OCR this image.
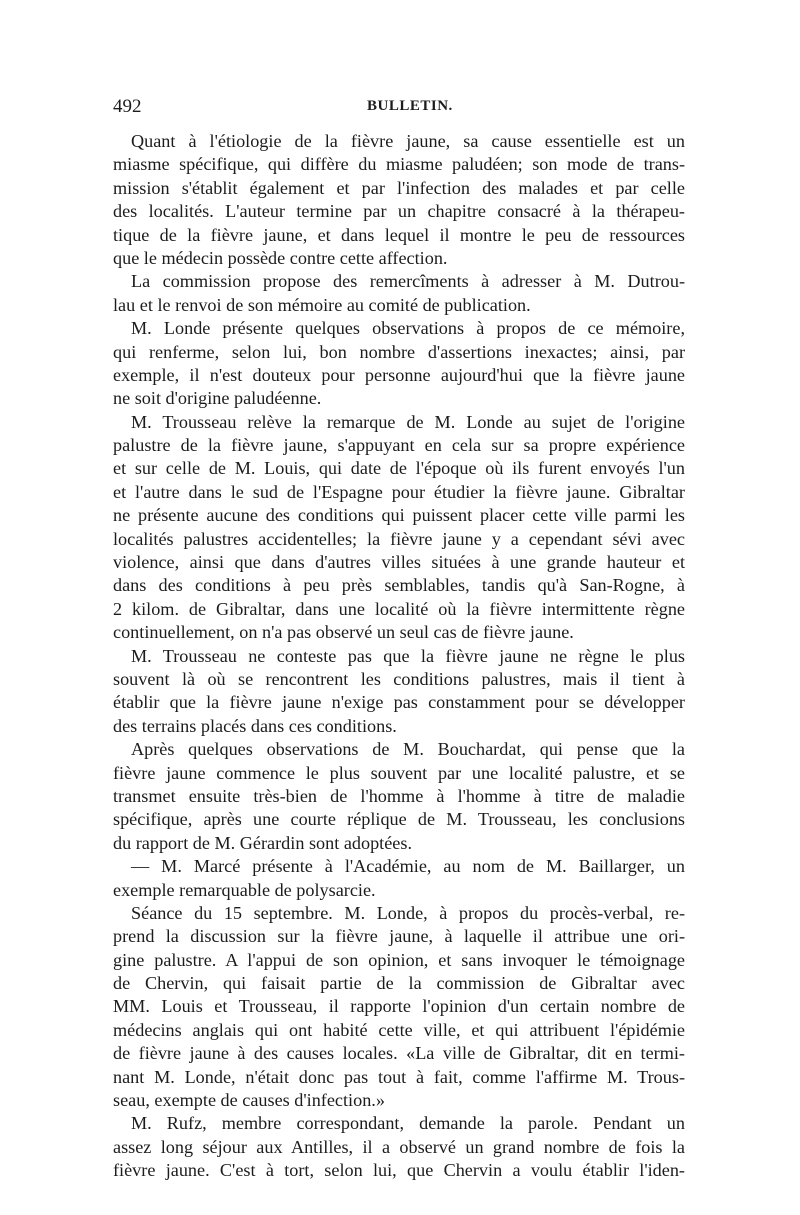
492	BULLETIN.
Quant à l'étiologie de la fièvre jaune, sa cause essentielle est un
miasme spécifique, qui diffère du miasme paludéen; son mode de trans-
mission s'établit également et par l'infection des malades et par celle
des localités. L'auteur termine par un chapitre consacré à la thérapeu-
tique de la fièvre jaune, et dans lequel il montre le peu de ressources
que le médecin possède contre cette affection.
La commission propose des remercîments à adresser à M. Dutrou-
lau et le renvoi de son mémoire au comité de publication.
M. Londe présente quelques observations à propos de ce mémoire,
qui renferme, selon lui, bon nombre d'assertions inexactes; ainsi, par
exemple, il n'est douteux pour personne aujourd'hui que la fièvre jaune
ne soit d'origine paludéenne.
M. Trousseau relève la remarque de M. Londe au sujet de l'origine
palustre de la fièvre jaune, s'appuyant en cela sur sa propre expérience
et sur celle de M. Louis, qui date de l'époque où ils furent envoyés l'un
et l'autre dans le sud de l'Espagne pour étudier la fièvre jaune. Gibraltar
ne présente aucune des conditions qui puissent placer cette ville parmi les
localités palustres accidentelles; la fièvre jaune y a cependant sévi avec
violence, ainsi que dans d'autres villes situées à une grande hauteur et
dans des conditions à peu près semblables, tandis qu'à San-Rogne, à
2 kilom. de Gibraltar, dans une localité où la fièvre intermittente règne
continuellement, on n'a pas observé un seul cas de fièvre jaune.
M. Trousseau ne conteste pas que la fièvre jaune ne règne le plus
souvent là où se rencontrent les conditions palustres, mais il tient à
établir que la fièvre jaune n'exige pas constamment pour se développer
des terrains placés dans ces conditions.
Après quelques observations de M. Bouchardat, qui pense que la
fièvre jaune commence le plus souvent par une localité palustre, et se
transmet ensuite très-bien de l'homme à l'homme à titre de maladie
spécifique, après une courte réplique de M. Trousseau, les conclusions
du rapport de M. Gérardin sont adoptées.
— M. Marcé présente à l'Académie, au nom de M. Baillarger, un
exemple remarquable de polysarcie.
Séance du 15 septembre. M. Londe, à propos du procès-verbal, re-
prend la discussion sur la fièvre jaune, à laquelle il attribue une ori-
gine palustre. A l'appui de son opinion, et sans invoquer le témoignage
de Chervin, qui faisait partie de la commission de Gibraltar avec
MM. Louis et Trousseau, il rapporte l'opinion d'un certain nombre de
médecins anglais qui ont habité cette ville, et qui attribuent l'épidémie
de fièvre jaune à des causes locales. «La ville de Gibraltar, dit en termi-
nant M. Londe, n'était donc pas tout à fait, comme l'affirme M. Trous-
seau, exempte de causes d'infection.»
M. Rufz, membre correspondant, demande la parole. Pendant un
assez long séjour aux Antilles, il a observé un grand nombre de fois la
fièvre jaune. C'est à tort, selon lui, que Chervin a voulu établir l'iden-
